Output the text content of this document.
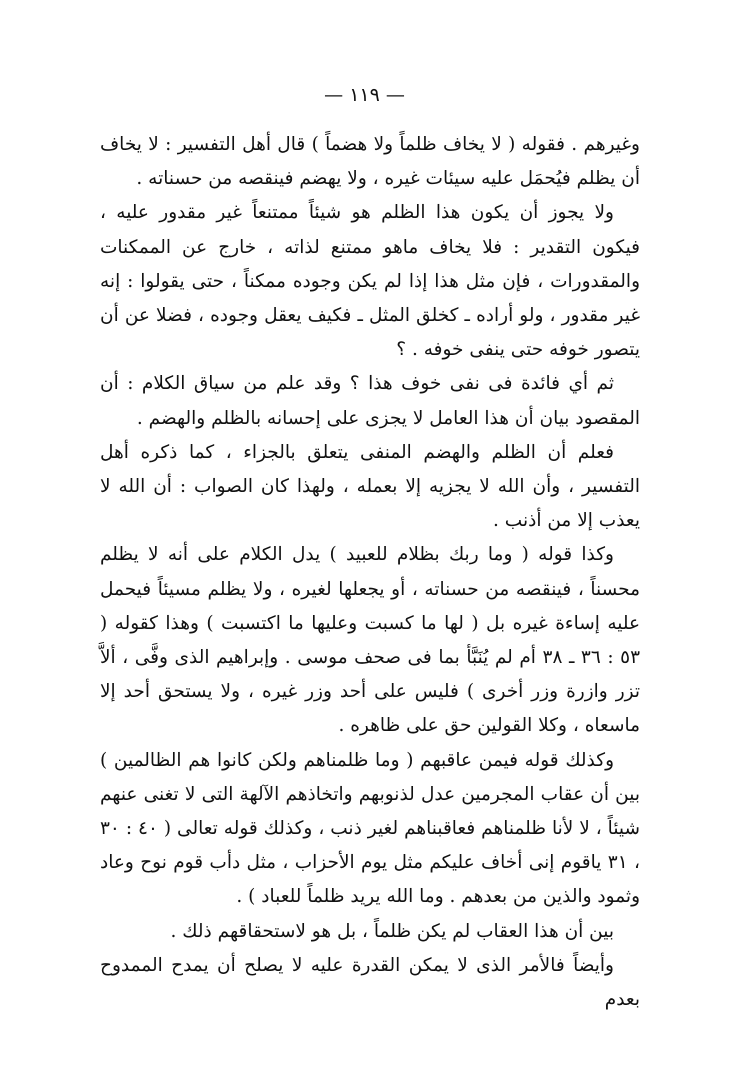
— ١١٩ —

وغيرهم . فقوله ( لا يخاف ظلماً ولا هضماً ) قال أهل التفسير : لا يخاف أن يظلم فيُحمَل عليه سيئات غيره ، ولا يهضم فينقصه من حسناته .

ولا يجوز أن يكون هذا الظلم هو شيئاً ممتنعاً غير مقدور عليه ، فيكون التقدير : فلا يخاف ماهو ممتنع لذاته ، خارج عن الممكنات والمقدورات ، فإن مثل هذا إذا لم يكن وجوده ممكناً ، حتى يقولوا : إنه غير مقدور ، ولو أراده ـ كخلق المثل ـ فكيف يعقل وجوده ، فضلا عن أن يتصور خوفه حتى ينفى خوفه . ؟

ثم أي فائدة فى نفى خوف هذا ؟ وقد علم من سياق الكلام : أن المقصود بيان أن هذا العامل لا يجزى على إحسانه بالظلم والهضم .

فعلم أن الظلم والهضم المنفى يتعلق بالجزاء ، كما ذكره أهل التفسير ، وأن الله لا يجزيه إلا بعمله ، ولهذا كان الصواب : أن الله لا يعذب إلا من أذنب .

وكذا قوله ( وما ربك بظلام للعبيد ) يدل الكلام على أنه لا يظلم محسناً ، فينقصه من حسناته ، أو يجعلها لغيره ، ولا يظلم مسيئاً فيحمل عليه إساءة غيره بل ( لها ما كسبت وعليها ما اكتسبت ) وهذا كقوله ( ٥٣ : ٣٦ ـ ٣٨ أم لم يُنَبَّأ بما فى صحف موسى . وإبراهيم الذى وفَّى ، ألاَّ تزر وازرة وزر أخرى ) فليس على أحد وزر غيره ، ولا يستحق أحد إلا ماسعاه ، وكلا القولين حق على ظاهره .

وكذلك قوله فيمن عاقبهم ( وما ظلمناهم ولكن كانوا هم الظالمين ) بين أن عقاب المجرمين عدل لذنوبهم واتخاذهم الآلهة التى لا تغنى عنهم شيئاً ، لا لأنا ظلمناهم فعاقبناهم لغير ذنب ، وكذلك قوله تعالى ( ٤٠ : ٣٠ ، ٣١ ياقوم إنى أخاف عليكم مثل يوم الأحزاب ، مثل دأب قوم نوح وعاد وثمود والذين من بعدهم . وما الله يريد ظلماً للعباد ) .

بين أن هذا العقاب لم يكن ظلماً ، بل هو لاستحقاقهم ذلك .

وأيضاً فالأمر الذى لا يمكن القدرة عليه لا يصلح أن يمدح الممدوح بعدم
